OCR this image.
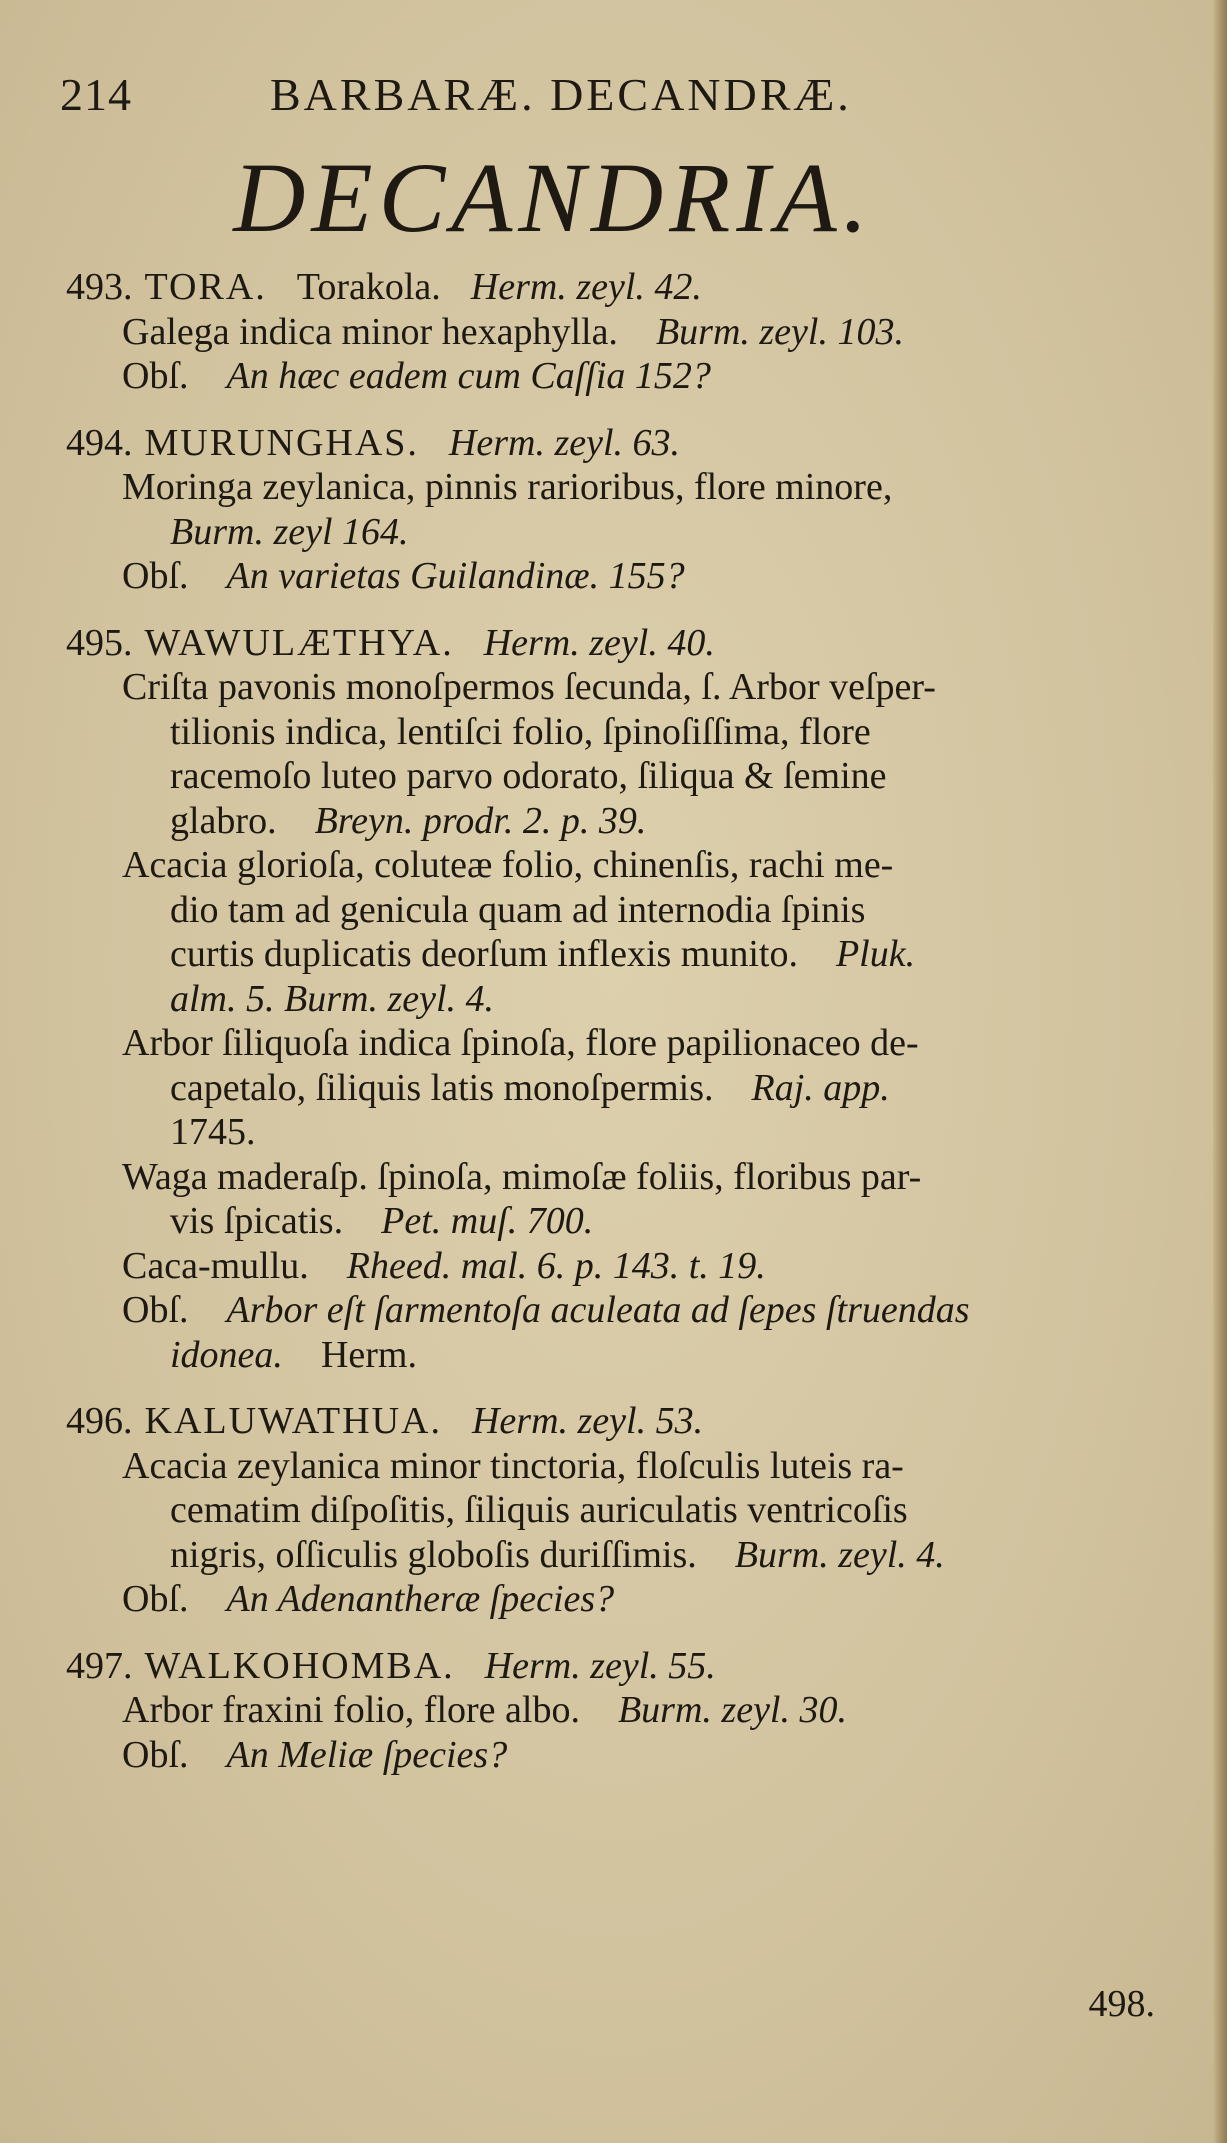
214	BARBARÆ. DECANDRÆ.
DECANDRIA.
493. TORA. Torakola. Herm. zeyl. 42.
Galega indica minor hexaphylla.  Burm. zeyl. 103.
Obſ.  An hæc eadem cum Caſſia 152?
494. MURUNGHAS. Herm. zeyl. 63.
Moringa zeylanica, pinnis rarioribus, flore minore,
Burm. zeyl 164.
Obſ.  An varietas Guilandinæ. 155?
495. WAWULÆTHYA. Herm. zeyl. 40.
Criſta pavonis monoſpermos ſecunda, ſ. Arbor veſper-
tilionis indica, lentiſci folio, ſpinoſiſſima, flore
racemoſo luteo parvo odorato, ſiliqua & ſemine
glabro.  Breyn. prodr. 2. p. 39.
Acacia glorioſa, coluteæ folio, chinenſis, rachi me-
dio tam ad genicula quam ad internodia ſpinis
curtis duplicatis deorſum inflexis munito.  Pluk.
alm. 5. Burm. zeyl. 4.
Arbor ſiliquoſa indica ſpinoſa, flore papilionaceo de-
capetalo, ſiliquis latis monoſpermis.  Raj. app.
1745.
Waga maderaſp. ſpinoſa, mimoſæ foliis, floribus par-
vis ſpicatis.  Pet. muſ. 700.
Caca-mullu.  Rheed. mal. 6. p. 143. t. 19.
Obſ.  Arbor eſt ſarmentoſa aculeata ad ſepes ſtruendas
idonea.  Herm.
496. KALUWATHUA. Herm. zeyl. 53.
Acacia zeylanica minor tinctoria, floſculis luteis ra-
cematim diſpoſitis, ſiliquis auriculatis ventricoſis
nigris, oſſiculis globoſis duriſſimis.  Burm. zeyl. 4.
Obſ.  An Adenantheræ ſpecies?
497. WALKOHOMBA. Herm. zeyl. 55.
Arbor fraxini folio, flore albo.  Burm. zeyl. 30.
Obſ.  An Meliæ ſpecies?
498.
